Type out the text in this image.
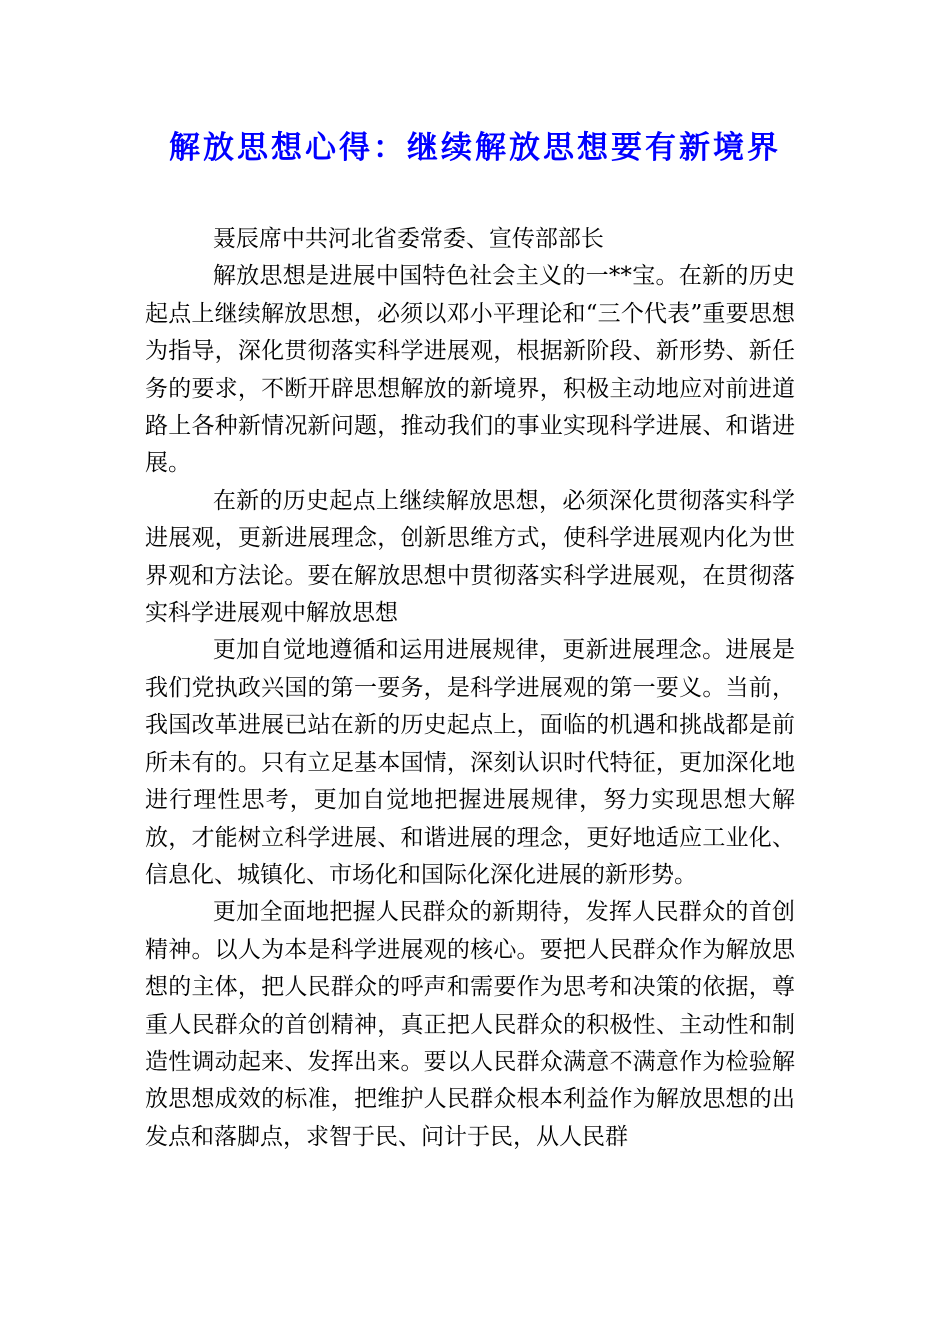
解放思想心得：继续解放思想要有新境界

聂辰席中共河北省委常委、宣传部部长

解放思想是进展中国特色社会主义的一**宝。在新的历史起点上继续解放思想，必须以邓小平理论和“三个代表”重要思想为指导，深化贯彻落实科学进展观，根据新阶段、新形势、新任务的要求，不断开辟思想解放的新境界，积极主动地应对前进道路上各种新情况新问题，推动我们的事业实现科学进展、和谐进展。

在新的历史起点上继续解放思想，必须深化贯彻落实科学进展观，更新进展理念，创新思维方式，使科学进展观内化为世界观和方法论。要在解放思想中贯彻落实科学进展观，在贯彻落实科学进展观中解放思想

更加自觉地遵循和运用进展规律，更新进展理念。进展是我们党执政兴国的第一要务，是科学进展观的第一要义。当前，我国改革进展已站在新的历史起点上，面临的机遇和挑战都是前所未有的。只有立足基本国情，深刻认识时代特征，更加深化地进行理性思考，更加自觉地把握进展规律，努力实现思想大解放，才能树立科学进展、和谐进展的理念，更好地适应工业化、信息化、城镇化、市场化和国际化深化进展的新形势。

更加全面地把握人民群众的新期待，发挥人民群众的首创精神。以人为本是科学进展观的核心。要把人民群众作为解放思想的主体，把人民群众的呼声和需要作为思考和决策的依据，尊重人民群众的首创精神，真正把人民群众的积极性、主动性和制造性调动起来、发挥出来。要以人民群众满意不满意作为检验解放思想成效的标准，把维护人民群众根本利益作为解放思想的出发点和落脚点，求智于民、问计于民，从人民群
